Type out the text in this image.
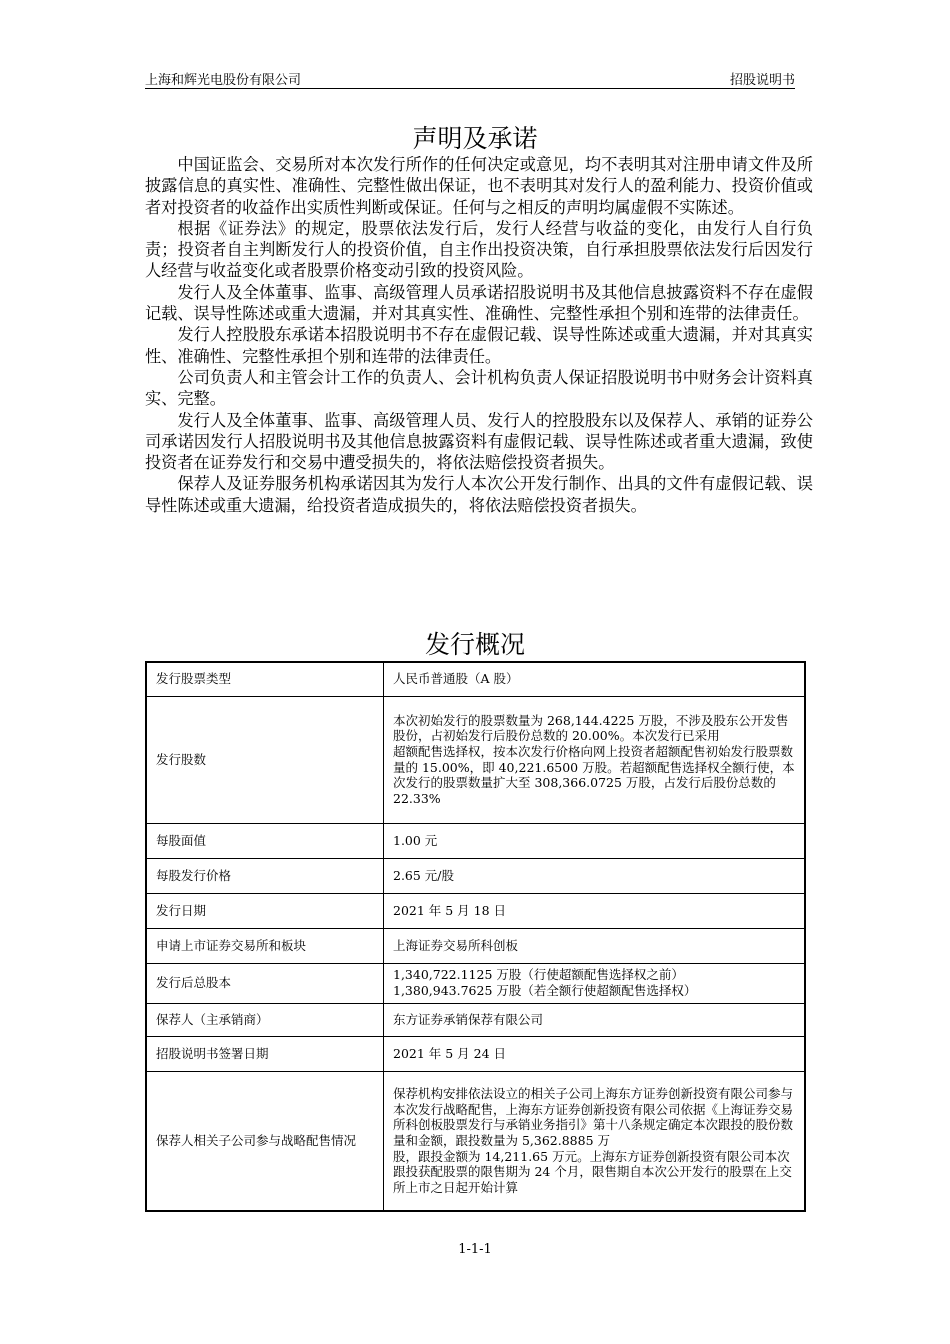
上海和辉光电股份有限公司	招股说明书
声明及承诺

中国证监会、交易所对本次发行所作的任何决定或意见，均不表明其对注册申请文件及所披露信息的真实性、准确性、完整性做出保证，也不表明其对发行人的盈利能力、投资价值或者对投资者的收益作出实质性判断或保证。任何与之相反的声明均属虚假不实陈述。

根据《证券法》的规定，股票依法发行后，发行人经营与收益的变化，由发行人自行负责；投资者自主判断发行人的投资价值，自主作出投资决策，自行承担股票依法发行后因发行人经营与收益变化或者股票价格变动引致的投资风险。

发行人及全体董事、监事、高级管理人员承诺招股说明书及其他信息披露资料不存在虚假记载、误导性陈述或重大遗漏，并对其真实性、准确性、完整性承担个别和连带的法律责任。

发行人控股股东承诺本招股说明书不存在虚假记载、误导性陈述或重大遗漏，并对其真实性、准确性、完整性承担个别和连带的法律责任。

公司负责人和主管会计工作的负责人、会计机构负责人保证招股说明书中财务会计资料真实、完整。

发行人及全体董事、监事、高级管理人员、发行人的控股股东以及保荐人、承销的证券公司承诺因发行人招股说明书及其他信息披露资料有虚假记载、误导性陈述或者重大遗漏，致使投资者在证券发行和交易中遭受损失的，将依法赔偿投资者损失。

保荐人及证券服务机构承诺因其为发行人本次公开发行制作、出具的文件有虚假记载、误导性陈述或重大遗漏，给投资者造成损失的，将依法赔偿投资者损失。

发行概况
发行股票类型	人民币普通股（A 股）

发行股数	本次初始发行的股票数量为 268,144.4225 万股，不涉及股东公开发售股份，占初始发行后股份总数的 20.00%。本次发行已采用
超额配售选择权，按本次发行价格向网上投资者超额配售初始发行股票数量的 15.00%，即 40,221.6500 万股。若超额配售选择权全额行使，本次发行的股票数量扩大至 308,366.0725 万股，占发行后股份总数的 22.33%

每股面值	1.00 元

每股发行价格	2.65 元/股

发行日期	2021 年 5 月 18 日

申请上市证券交易所和板块	上海证券交易所科创板

发行后总股本	1,340,722.1125 万股（行使超额配售选择权之前）
1,380,943.7625 万股（若全额行使超额配售选择权）

保荐人（主承销商）	东方证券承销保荐有限公司

招股说明书签署日期	2021 年 5 月 24 日

保荐人相关子公司参与战略配售情况	保荐机构安排依法设立的相关子公司上海东方证券创新投资有限公司参与本次发行战略配售，上海东方证券创新投资有限公司依据《上海证券交易所科创板股票发行与承销业务指引》第十八条规定确定本次跟投的股份数量和金额，跟投数量为 5,362.8885 万
股，跟投金额为 14,211.65 万元。上海东方证券创新投资有限公司本次跟投获配股票的限售期为 24 个月，限售期自本次公开发行的股票在上交所上市之日起开始计算
1-1-1
